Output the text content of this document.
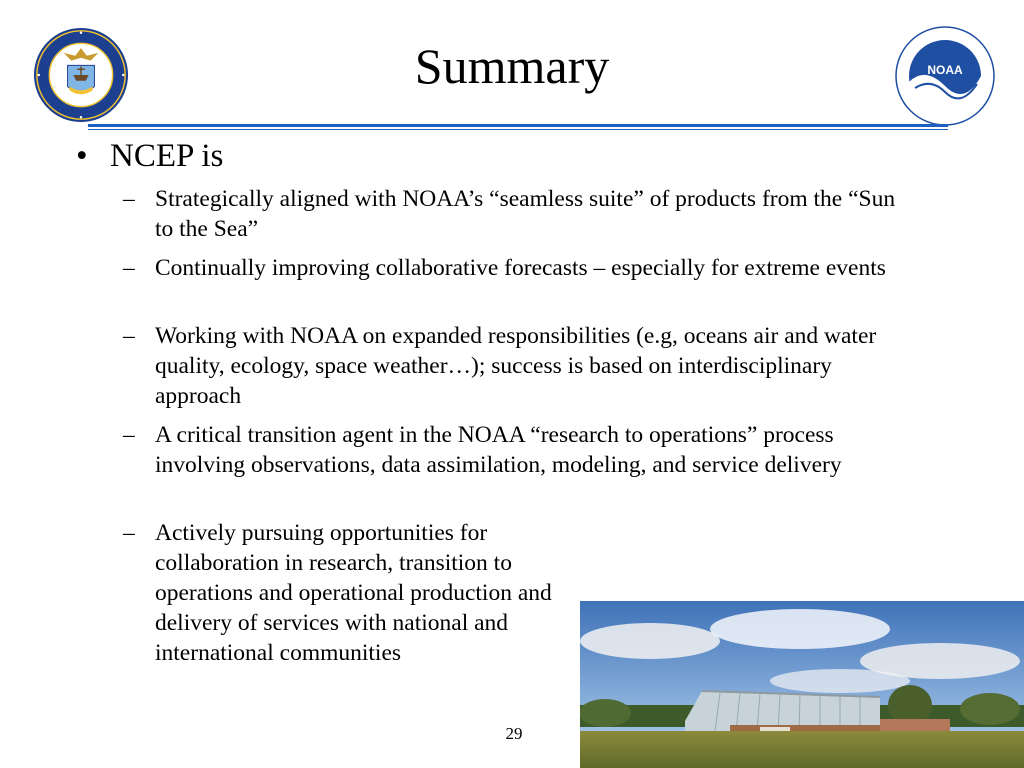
NOAA
Summary
• NCEP is
– Strategically aligned with NOAA’s “seamless suite” of products from the “Sun to the Sea”
– Continually improving collaborative forecasts – especially for extreme events
– Working with NOAA on expanded responsibilities (e.g, oceans air and water quality, ecology, space weather…); success is based on interdisciplinary approach
– A critical transition agent in the NOAA “research to operations” process involving observations, data assimilation, modeling, and service delivery
– Actively pursuing opportunities for collaboration in research, transition to operations and operational production and delivery of services with national and international communities
29
